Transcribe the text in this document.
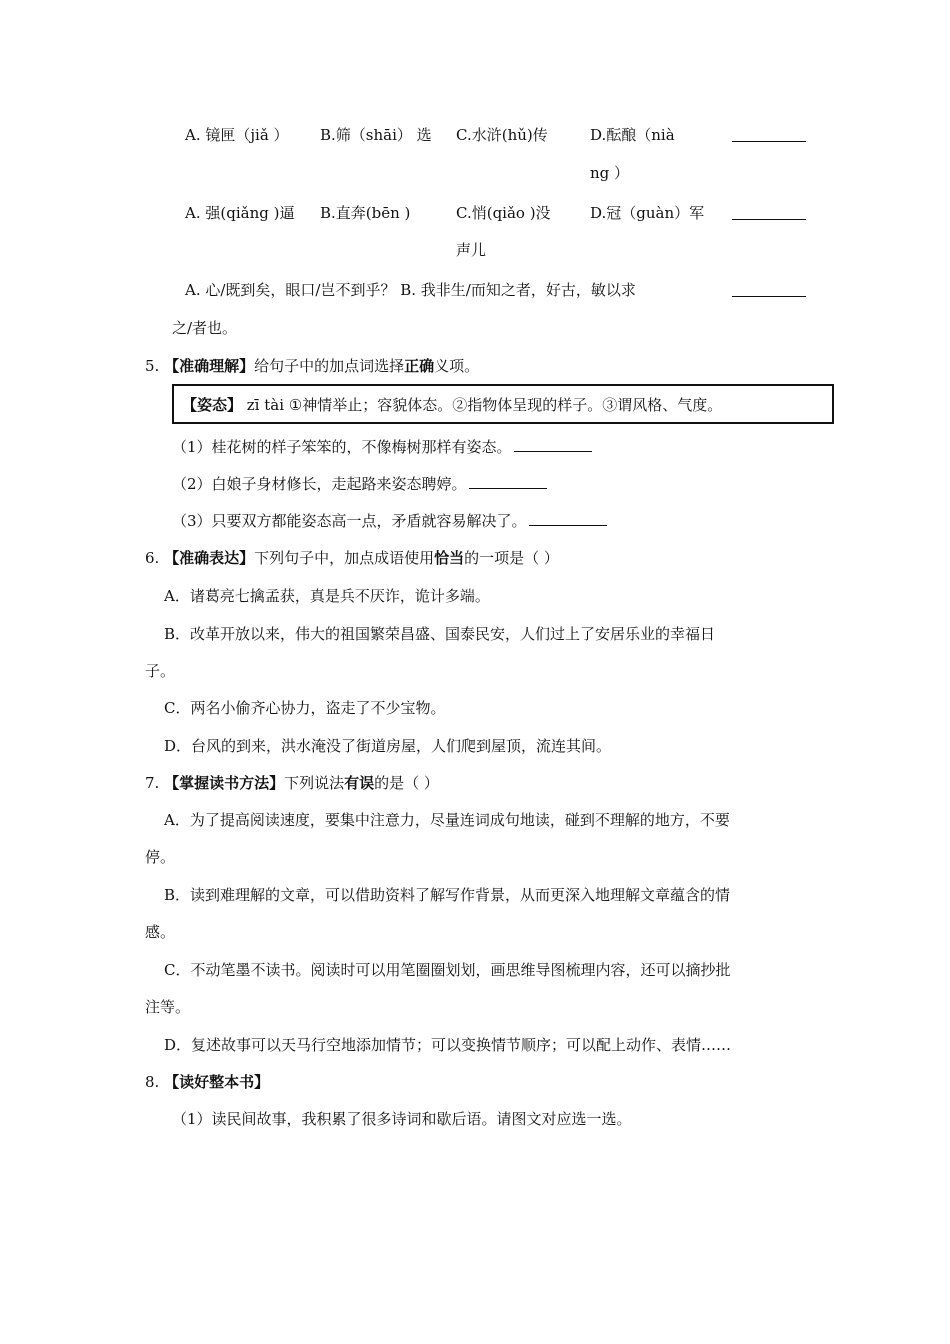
A. 镜匣（jiǎ ） B.筛（shāi） 选 C.水浒(hǔ)传	D.酝酿（nià
ng ）
A. 强(qiǎng )逼 B.直奔(bēn )	C.悄(qiǎo )没
声儿
D.冠（guàn）军
A. 心/既到矣，眼口/岂不到乎？ B. 我非生/而知之者，好古，敏以求
之/者也。
5. 【准确理解】给句子中的加点词选择正确义项。
【姿态】 zī tài ①神情举止；容貌体态。②指物体呈现的样子。③谓风格、气度。
（1）桂花树的样子笨笨的，不像梅树那样有姿态。
（2）白娘子身材修长，走起路来姿态聘婷。
（3）只要双方都能姿态高一点，矛盾就容易解决了。
6. 【准确表达】下列句子中，加点成语使用恰当的一项是（ ）
A．诸葛亮七擒孟获，真是兵不厌诈，诡计多端。
B．改革开放以来，伟大的祖国繁荣昌盛、国泰民安，人们过上了安居乐业的幸福日
子。
C．两名小偷齐心协力，盗走了不少宝物。
D．台风的到来，洪水淹没了街道房屋，人们爬到屋顶，流连其间。
7. 【掌握读书方法】下列说法有误的是（ ）
A．为了提高阅读速度，要集中注意力，尽量连词成句地读，碰到不理解的地方，不要
停。
B．读到难理解的文章，可以借助资料了解写作背景，从而更深入地理解文章蕴含的情
感。
C．不动笔墨不读书。阅读时可以用笔圈圈划划，画思维导图梳理内容，还可以摘抄批
注等。
D．复述故事可以天马行空地添加情节；可以变换情节顺序；可以配上动作、表情……
8. 【读好整本书】
（1）读民间故事，我积累了很多诗词和歇后语。请图文对应选一选。
